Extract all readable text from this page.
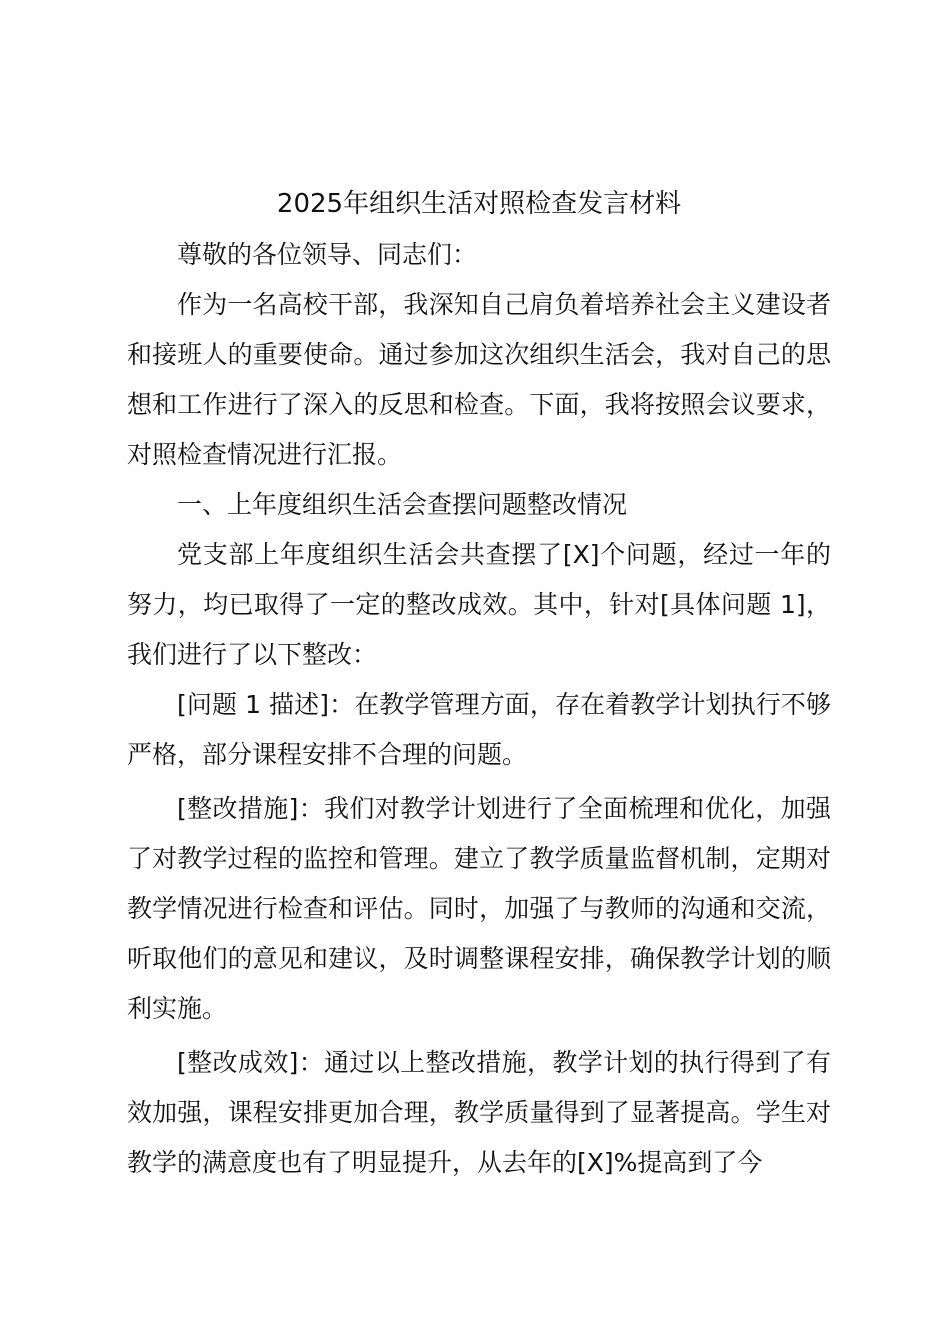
2025年组织生活对照检查发言材料

尊敬的各位领导、同志们：

作为一名高校干部，我深知自己肩负着培养社会主义建设者和接班人的重要使命。通过参加这次组织生活会，我对自己的思想和工作进行了深入的反思和检查。下面，我将按照会议要求，对照检查情况进行汇报。

一、上年度组织生活会查摆问题整改情况

党支部上年度组织生活会共查摆了[X]个问题，经过一年的努力，均已取得了一定的整改成效。其中，针对[具体问题 1]，我们进行了以下整改：

[问题 1 描述]：在教学管理方面，存在着教学计划执行不够严格，部分课程安排不合理的问题。

[整改措施]：我们对教学计划进行了全面梳理和优化，加强了对教学过程的监控和管理。建立了教学质量监督机制，定期对教学情况进行检查和评估。同时，加强了与教师的沟通和交流，听取他们的意见和建议，及时调整课程安排，确保教学计划的顺利实施。

[整改成效]：通过以上整改措施，教学计划的执行得到了有效加强，课程安排更加合理，教学质量得到了显著提高。学生对教学的满意度也有了明显提升，从去年的[X]%提高到了今
